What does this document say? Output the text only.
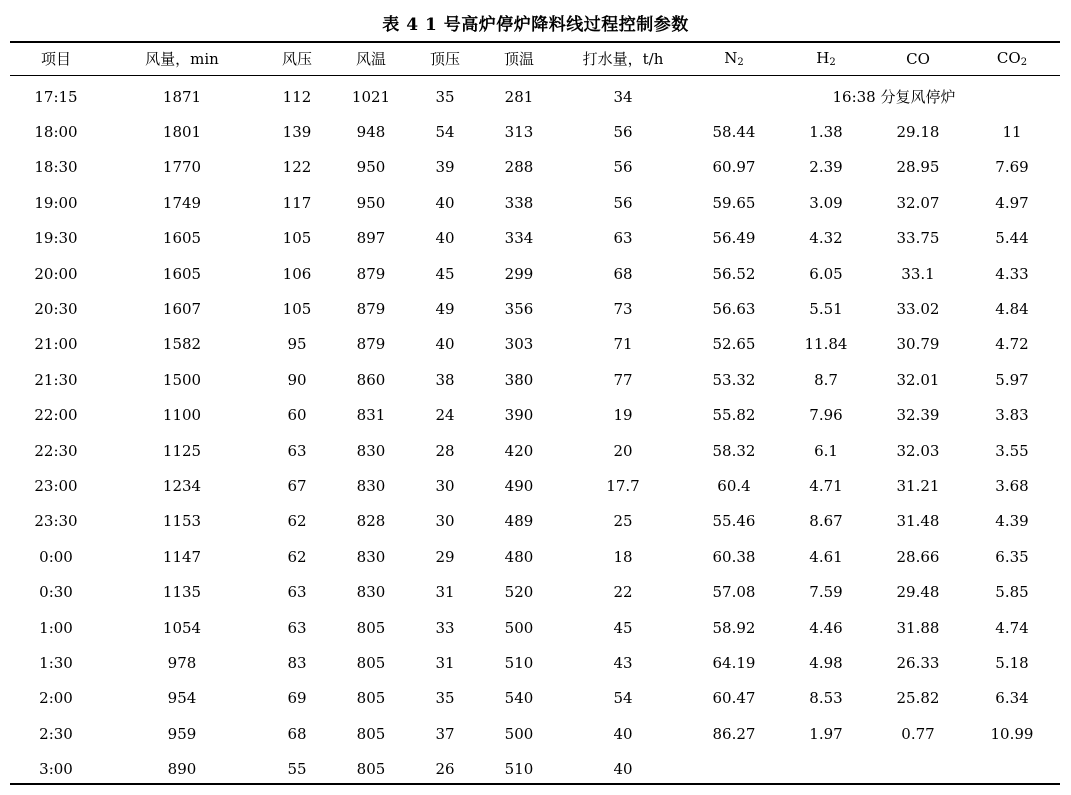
表 4 1 号高炉停炉降料线过程控制参数
项目	风量，min	风压	风温	顶压	顶温	打水量，t/h	$N_2$	$H_2$	CO	$CO_2$

17:15	1871	112	1021	35	281	34	16:38 分复风停炉			
18:00	1801	139	948	54	313	56	58.44	1.38	29.18	11
18:30	1770	122	950	39	288	56	60.97	2.39	28.95	7.69
19:00	1749	117	950	40	338	56	59.65	3.09	32.07	4.97
19:30	1605	105	897	40	334	63	56.49	4.32	33.75	5.44
20:00	1605	106	879	45	299	68	56.52	6.05	33.1	4.33
20:30	1607	105	879	49	356	73	56.63	5.51	33.02	4.84
21:00	1582	95	879	40	303	71	52.65	11.84	30.79	4.72
21:30	1500	90	860	38	380	77	53.32	8.7	32.01	5.97
22:00	1100	60	831	24	390	19	55.82	7.96	32.39	3.83
22:30	1125	63	830	28	420	20	58.32	6.1	32.03	3.55
23:00	1234	67	830	30	490	17.7	60.4	4.71	31.21	3.68
23:30	1153	62	828	30	489	25	55.46	8.67	31.48	4.39
0:00	1147	62	830	29	480	18	60.38	4.61	28.66	6.35
0:30	1135	63	830	31	520	22	57.08	7.59	29.48	5.85
1:00	1054	63	805	33	500	45	58.92	4.46	31.88	4.74
1:30	978	83	805	31	510	43	64.19	4.98	26.33	5.18
2:00	954	69	805	35	540	54	60.47	8.53	25.82	6.34
2:30	959	68	805	37	500	40	86.27	1.97	0.77	10.99
3:00	890	55	805	26	510	40				
